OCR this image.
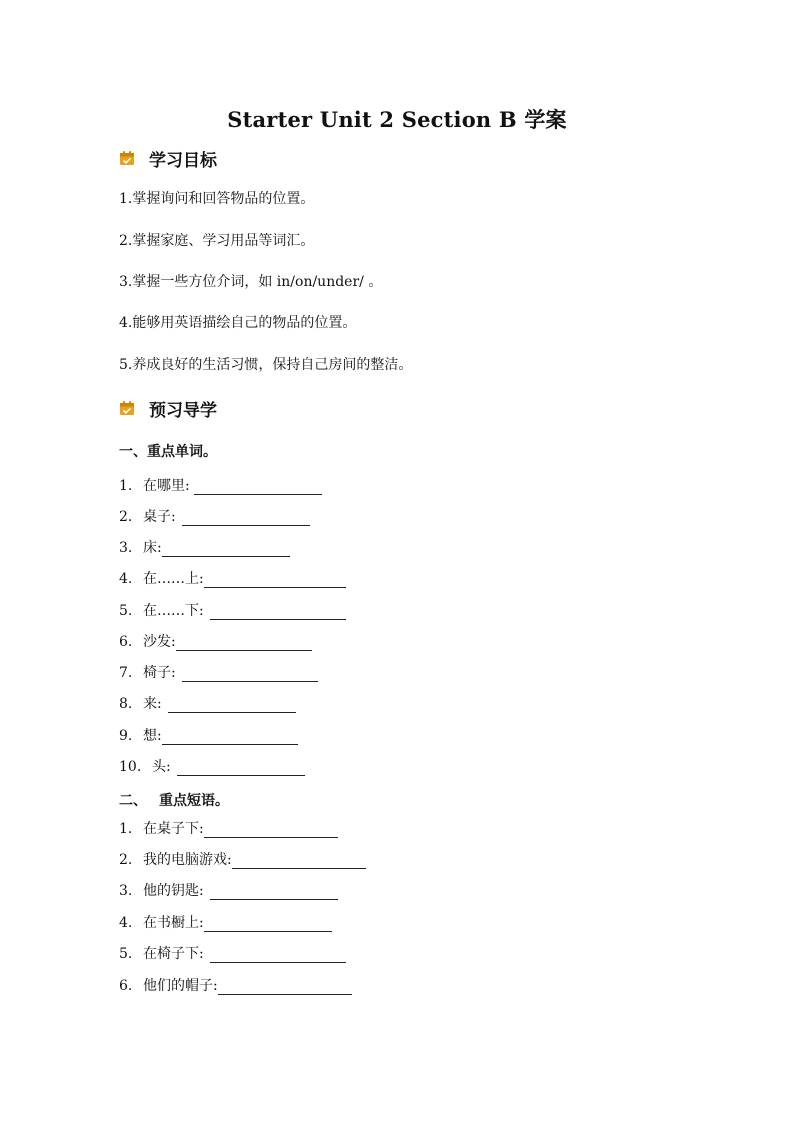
Starter Unit 2 Section B 学案
学习目标
1.掌握询问和回答物品的位置。
2.掌握家庭、学习用品等词汇。
3.掌握一些方位介词，如 in/on/under/ 。
4.能够用英语描绘自己的物品的位置。
5.养成良好的生活习惯，保持自己房间的整洁。
预习导学
一、重点单词。
1. 在哪里:
2. 桌子:
3. 床:
4. 在……上:
5. 在……下:
6. 沙发:
7. 椅子:
8. 来:
9. 想:
10. 头:
二、 重点短语。
1. 在桌子下:
2. 我的电脑游戏:
3. 他的钥匙:
4. 在书橱上:
5. 在椅子下:
6. 他们的帽子:
